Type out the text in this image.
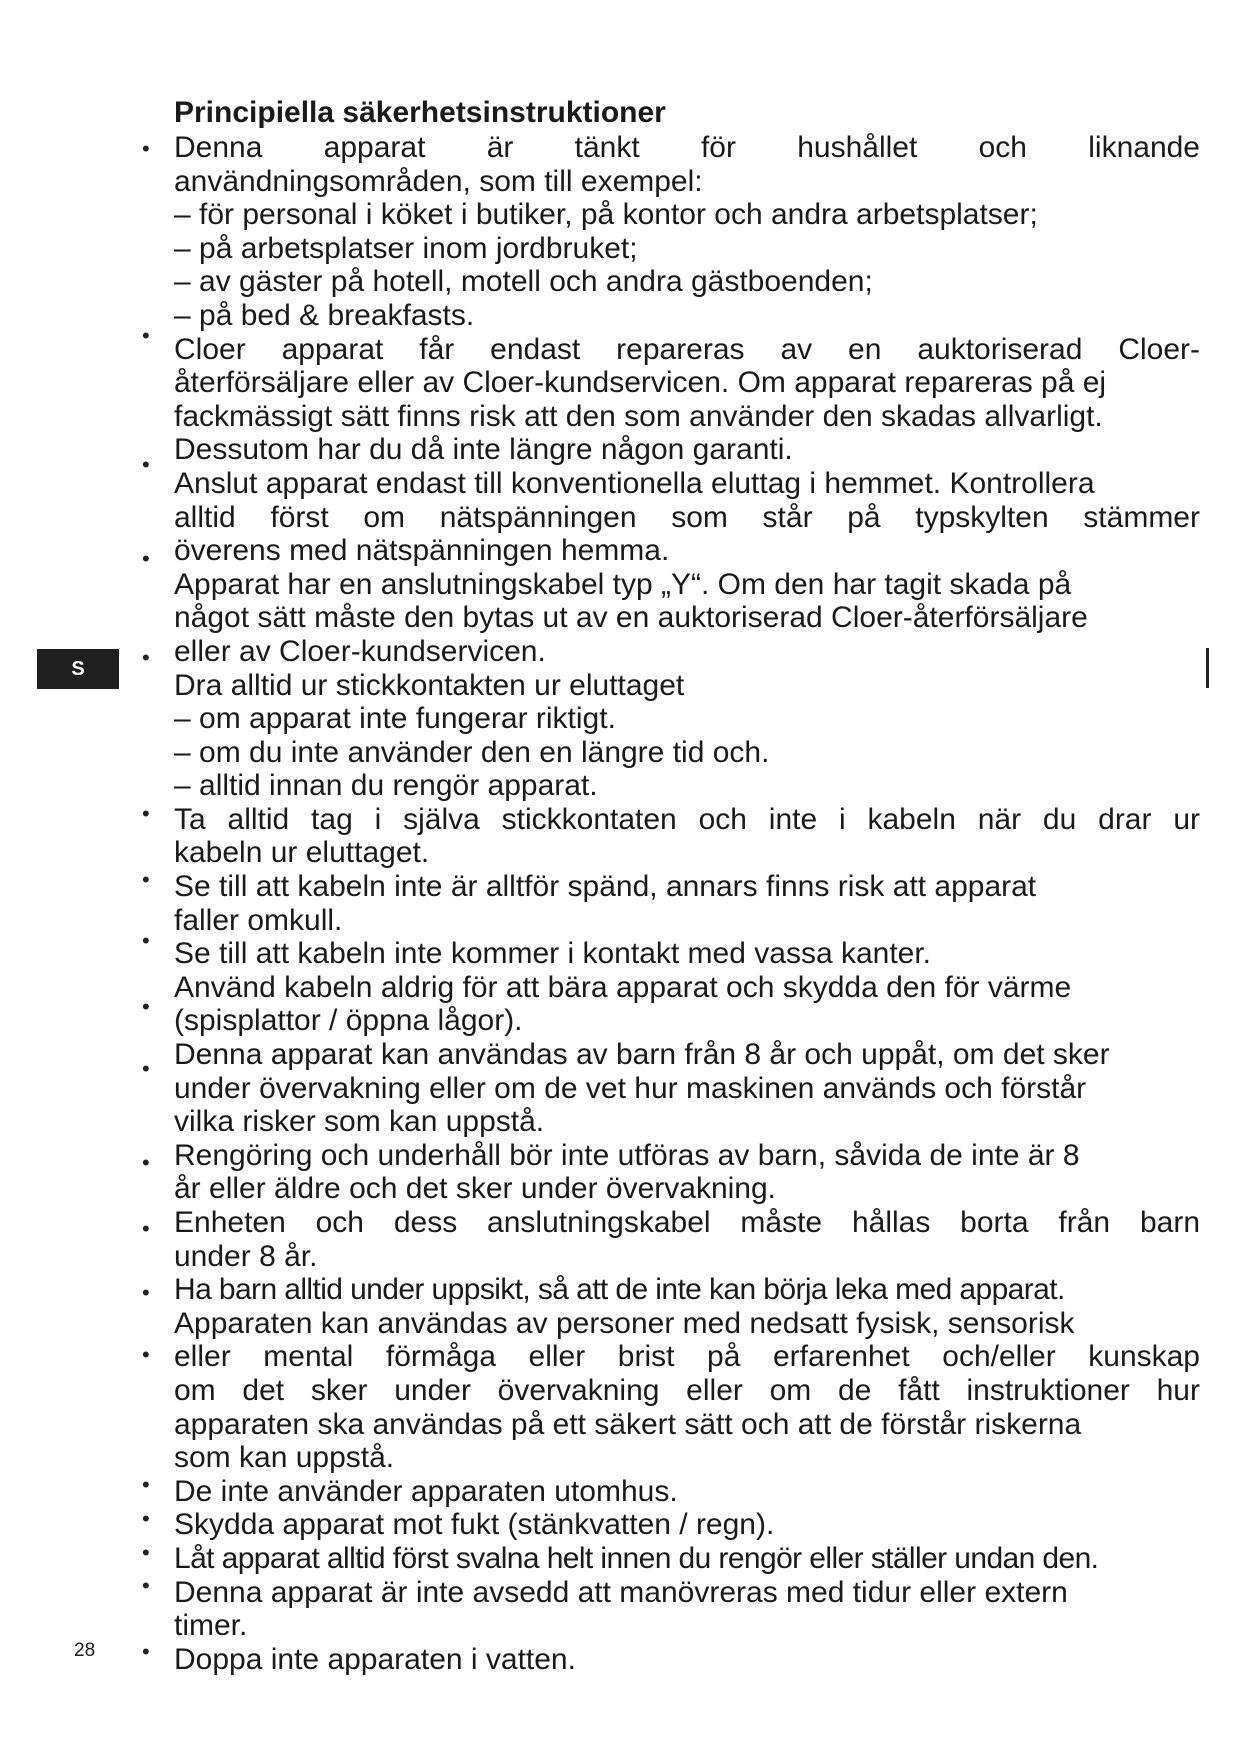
S
Principiella säkerhetsinstruktioner
•
•
•
•
•
•
•
•
•
•
•
•
•
•
•
•
•
•
•
Denna apparat är tänkt för hushållet och liknande
användningsområden, som till exempel:
– för personal i köket i butiker, på kontor och andra arbetsplatser;
– på arbetsplatser inom jordbruket;
– av gäster på hotell, motell och andra gästboenden;
– på bed & breakfasts.
Cloer apparat får endast repareras av en auktoriserad Cloer-
återförsäljare eller av Cloer-kundservicen. Om apparat repareras på ej
fackmässigt sätt finns risk att den som använder den skadas allvarligt.
Dessutom har du då inte längre någon garanti.
Anslut apparat endast till konventionella eluttag i hemmet. Kontrollera
alltid först om nätspänningen som står på typskylten stämmer
överens med nätspänningen hemma.
Apparat har en anslutningskabel typ „Y“. Om den har tagit skada på
något sätt måste den bytas ut av en auktoriserad Cloer-återförsäljare
eller av Cloer-kundservicen.
Dra alltid ur stickkontakten ur eluttaget
– om apparat inte fungerar riktigt.
– om du inte använder den en längre tid och.
– alltid innan du rengör apparat.
Ta alltid tag i själva stickkontaten och inte i kabeln när du drar ur
kabeln ur eluttaget.
Se till att kabeln inte är alltför spänd, annars finns risk att apparat
faller omkull.
Se till att kabeln inte kommer i kontakt med vassa kanter.
Använd kabeln aldrig för att bära apparat och skydda den för värme
(spisplattor / öppna lågor).
Denna apparat kan användas av barn från 8 år och uppåt, om det sker
under övervakning eller om de vet hur maskinen används och förstår
vilka risker som kan uppstå.
Rengöring och underhåll bör inte utföras av barn, såvida de inte är 8
år eller äldre och det sker under övervakning.
Enheten och dess anslutningskabel måste hållas borta från barn
under 8 år.
Ha barn alltid under uppsikt, så att de inte kan börja leka med apparat.
Apparaten kan användas av personer med nedsatt fysisk, sensorisk
eller mental förmåga eller brist på erfarenhet och/eller kunskap
om det sker under övervakning eller om de fått instruktioner hur
apparaten ska användas på ett säkert sätt och att de förstår riskerna
som kan uppstå.
De inte använder apparaten utomhus.
Skydda apparat mot fukt (stänkvatten / regn).
Låt apparat alltid först svalna helt innen du rengör eller ställer undan den.
Denna apparat är inte avsedd att manövreras med tidur eller extern
timer.
Doppa inte apparaten i vatten.
28
